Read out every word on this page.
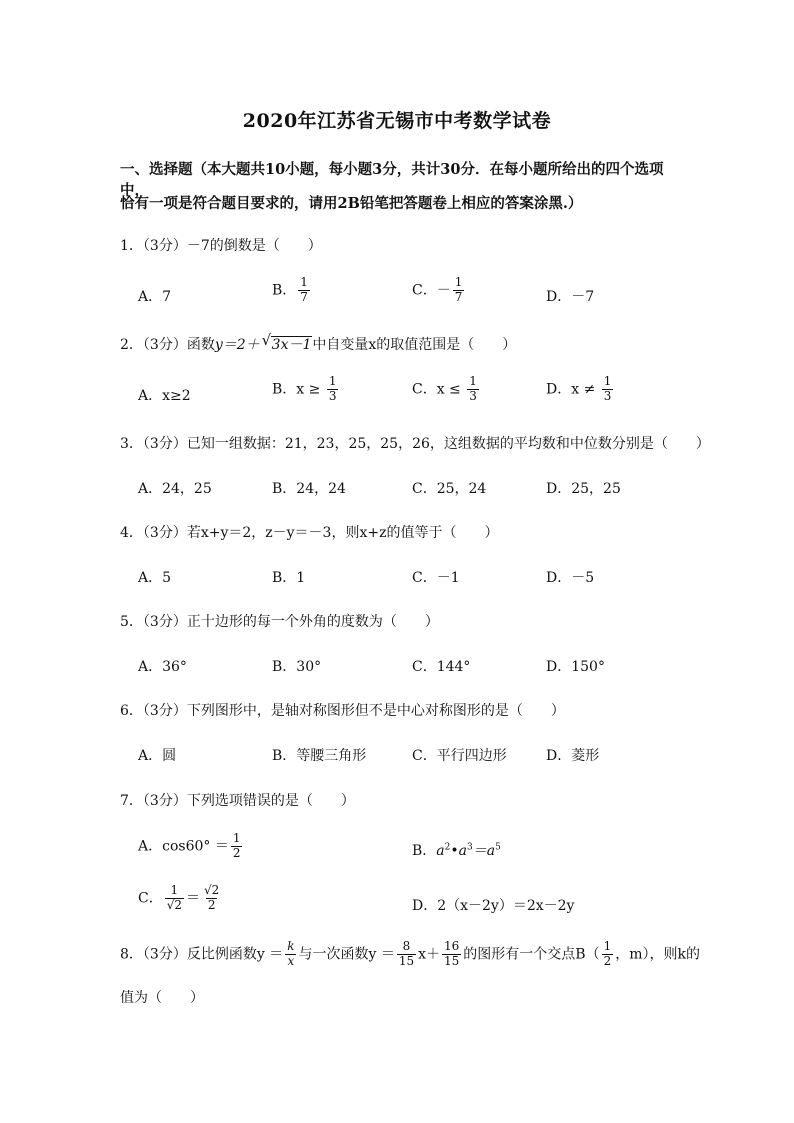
2020年江苏省无锡市中考数学试卷
一、选择题（本大题共10小题，每小题3分，共计30分．在每小题所给出的四个选项中，
恰有一项是符合题目要求的，请用2B铅笔把答题卷上相应的答案涂黑.）
1．（3分）－7的倒数是（　　）
A．7	B． $\frac{1}{7}$	C．－ $\frac{1}{7}$	D．－7
2．（3分）函数y＝2＋ √ 3x－1中自变量x的取值范围是（　　）
A．x≥2	B．$x \ge \frac{1}{3}$	C．$x \le \frac{1}{3}$	D．$x \ne \frac{1}{3}$
3．（3分）已知一组数据：21，23，25，25，26，这组数据的平均数和中位数分别是（　　）
A．24，25	B．24，24	C．25，24	D．25，25
4．（3分）若x+y＝2，z－y＝－3，则x+z的值等于（　　）
A．5	B．1	C．－1	D．－5
5．（3分）正十边形的每一个外角的度数为（　　）
A．36°	B．30°	C．144°	D．150°
6．（3分）下列图形中，是轴对称图形但不是中心对称图形的是（　　）
A．圆	B．等腰三角形	C．平行四边形	D．菱形
7．（3分）下列选项错误的是（　　）
A．$\cos 60^\circ = \frac{1}{2}$	B．$a^2•a^3=a^5$
C． $\frac{1}{√2} = \frac{√2}{2}$	D．2（x－2y）＝2x－2y
8．（3分）反比例函数$y = \frac{k}{x}$ 与一次函数$y = \frac{8}{15} x+ \frac{16}{15}$ 的图形有一个交点$B( \frac{1}{2}$ ，m），则k的
值为（　　）
